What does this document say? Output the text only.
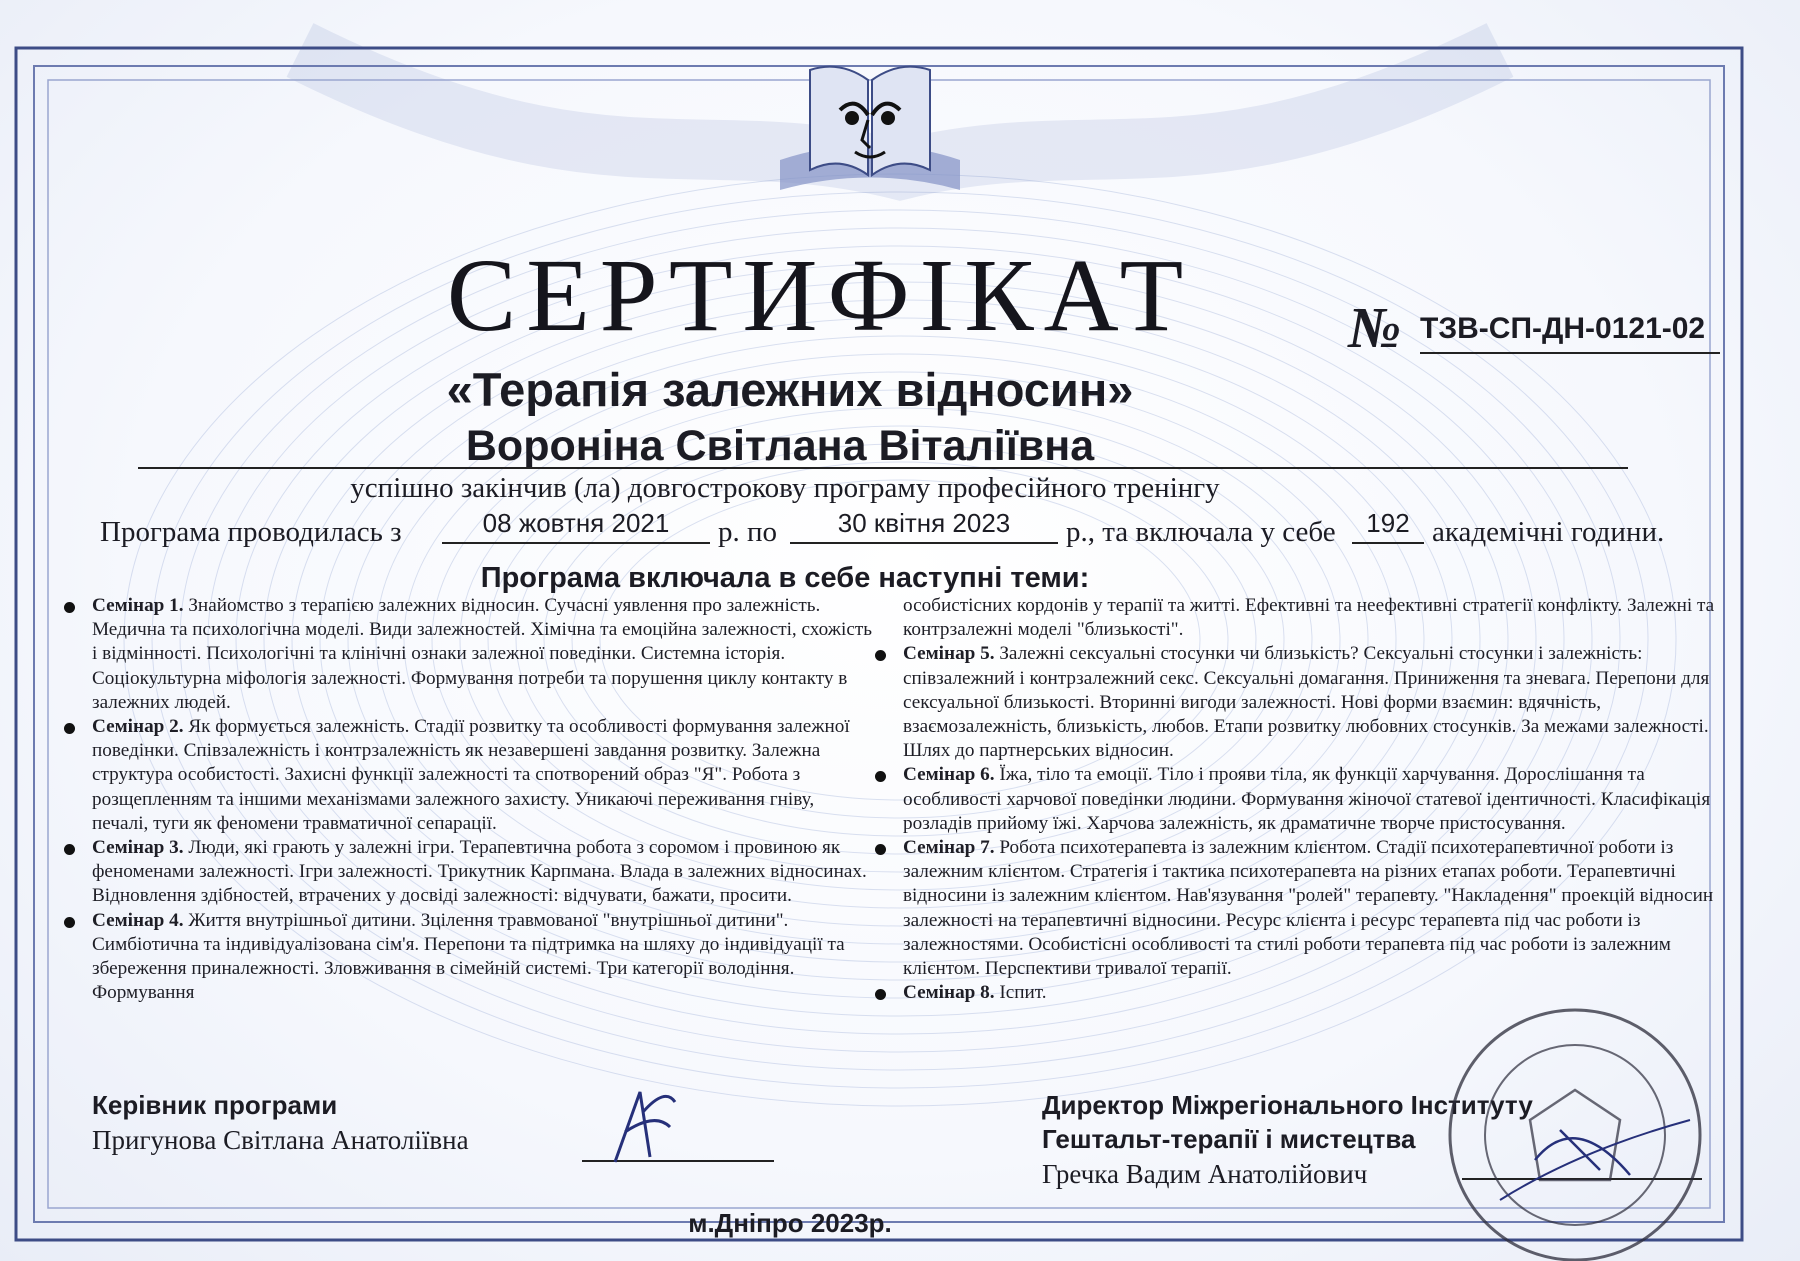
СЕРТИФІКАТ	№ ТЗВ-СП-ДН-0121-02
«Терапія залежних відносин»
Вороніна Світлана Віталіївна
успішно закінчив (ла) довгострокову програму професійного тренінгу
Програма проводилась з	08 жовтня 2021	р. по	30 квітня 2023	р., та включала у себе	192 академічні години.
Програма включала в себе наступні теми:
Семінар 1. Знайомство з терапією залежних відносин. Сучасні уявлення про залежність. Медична та психологічна моделі. Види залежностей. Хімічна та емоційна залежності, схожість і відмінності. Психологічні та клінічні ознаки залежної поведінки. Системна історія. Соціокультурна міфологія залежності. Формування потреби та порушення циклу контакту в залежних людей.
Семінар 2. Як формується залежність. Стадії розвитку та особливості формування залежної поведінки. Співзалежність і контрзалежність як незавершені завдання розвитку. Залежна структура особистості. Захисні функції залежності та спотворений образ "Я". Робота з розщепленням та іншими механізмами залежного захисту. Уникаючі переживання гніву, печалі, туги як феномени травматичної сепарації.
Семінар 3. Люди, які грають у залежні ігри. Терапевтична робота з соромом і провиною як феноменами залежності. Ігри залежності. Трикутник Карпмана. Влада в залежних відносинах. Відновлення здібностей, втрачених у досвіді залежності: відчувати, бажати, просити.
Семінар 4. Життя внутрішньої дитини. Зцілення травмованої "внутрішньої дитини". Симбіотична та індивідуалізована сім'я. Перепони та підтримка на шляху до індивідуації та збереження приналежності. Зловживання в сімейній системі. Три категорії володіння. Формування
особистісних кордонів у терапії та житті. Ефективні та неефективні стратегії конфлікту. Залежні та контрзалежні моделі "близькості".
Семінар 5. Залежні сексуальні стосунки чи близькість? Сексуальні стосунки і залежність: співзалежний і контрзалежний секс. Сексуальні домагання. Приниження та зневага. Перепони для сексуальної близькості. Вторинні вигоди залежності. Нові форми взаємин: вдячність, взаємозалежність, близькість, любов. Етапи розвитку любовних стосунків. За межами залежності. Шлях до партнерських відносин.
Семінар 6. Їжа, тіло та емоції. Тіло і прояви тіла, як функції харчування. Дорослішання та особливості харчової поведінки людини. Формування жіночої статевої ідентичності. Класифікація розладів прийому їжі. Харчова залежність, як драматичне творче пристосування.
Семінар 7. Робота психотерапевта із залежним клієнтом. Стадії психотерапевтичної роботи із залежним клієнтом. Стратегія і тактика психотерапевта на різних етапах роботи. Терапевтичні відносини із залежним клієнтом. Нав'язування "ролей" терапевту. "Накладення" проекцій відносин залежності на терапевтичні відносини. Ресурс клієнта і ресурс терапевта під час роботи із залежностями. Особистісні особливості та стилі роботи терапевта під час роботи із залежним клієнтом. Перспективи тривалої терапії.
Семінар 8. Іспит.
Керівник програми
Пригунова Світлана Анатоліївна
Директор Міжрегіонального Інституту
Гештальт-терапії і мистецтва
Гречка Вадим Анатолійович
м.Дніпро 2023р.
